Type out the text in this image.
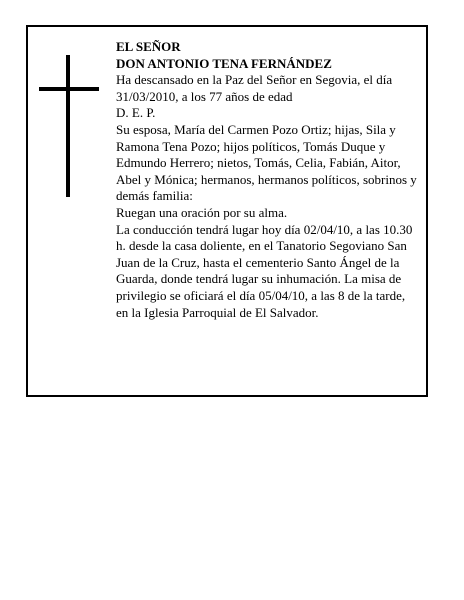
EL SEÑOR

DON ANTONIO TENA FERNÁNDEZ

Ha descansado en la Paz del Señor en Segovia, el día 31/03/2010, a los 77 años de edad

D. E. P.

Su esposa, María del Carmen Pozo Ortiz; hijas, Sila y Ramona Tena Pozo; hijos políticos, Tomás Duque y Edmundo Herrero; nietos, Tomás, Celia, Fabián, Aitor, Abel y Mónica; hermanos, hermanos políticos, sobrinos y demás familia:

Ruegan una oración por su alma.

La conducción tendrá lugar hoy día 02/04/10, a las 10.30 h. desde la casa doliente, en el Tanatorio Segoviano San Juan de la Cruz, hasta el cementerio Santo Ángel de la Guarda, donde tendrá lugar su inhumación. La misa de privilegio se oficiará el día 05/04/10, a las 8 de la tarde, en la Iglesia Parroquial de El Salvador.
